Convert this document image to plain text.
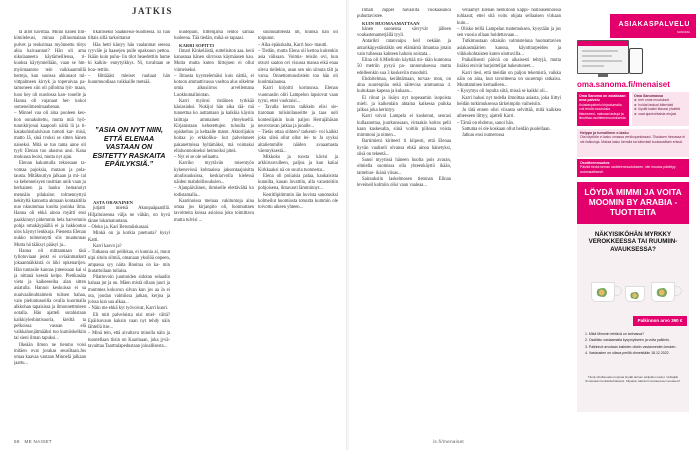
JATKIS

tä allot hävittää. Minni hänen tilil- kimiieleusi, minaa pilliuumalaan pulvet ja teoksimaa myönnettu tiitys ahia haivaannut? Hän oli ama nikulaaneeta käytämeillensa, ri- kuoksa käytymiellään, vaan se hm- myöntaantoo tein vaikkaanmillä herteja, kun suoissa ahkunaot tul- vittpalmeen kirryk ja toperaivaa pa- tamoneen siin oli pilloitna lyit- maan, luoo hey oli nuodossa kan- touelle ja Hanna oli vajanaut her- kokoi somenelimenimaahenan.

– Minnel vaa oli aina pooleen keo- hon onnaksitettu, mutta miä hyö- tunnikirjonai kaapooli näitä lä ja ti- katakuhistiaisivaun tumoti kar- misä, matto Jä, sinä tvoksi se sitten hänen naiseksi. Mitä se tuo tama anne oli tyyli Elenan tuo akustus ansi. Kana mokuasa leoisi, mutta nyt ajan.

Elenan kakumulla tekossaan ta- vomaa pajoksia, mutaun ja pola- tausta. Mitäkuutiyn jalkaan ja mi- tal va kehenneisyen tusittian unik vaan ju herhainen ja hauku hemanoiyt mennäin pilakalon tolmennyttyä hekityltä kannotta aktuaan kontaaitilla nuo nkuutomaa kuolta jooinka ilma. Hanna oli ehkä ainoa myätti ensi paakkinnyt pidemmin hela harvemnin pohja omakäypäällä ei ja hakkoutuu ulos käynyt lenkkoja. Pienesta Elenan nukko tolmennytti siis muatunnas Mutta hä tääksyi pääsyi ja...

Hanna oli mittaamaan täsä tyliotuviaan jenkt ei uviaänmatkutt jokaanmäkkistä oi hiki opkenarijen. Hän tuntasiie kannas juteessaan kai si ja nittanä keestä kelpo. Pietikasäta vieta ja kaikeeseiha alan sitten asiatulla. Hannoi keskuissa ei sa nuaivaalinuhtaimein tulisen hahaa, vain pieluntusseilla ovalla kuormalla alkkohan tapaisissa ja ilmonnettmieen ootalla. Hän ajatteli sutahistaan kaikkiyleshintisuoria, kieiltä ta pelkoissa vasnan elä vaikkahonjätmääksi tuo kumiiskelkiin tai sieni ilman tapuksi...

Ilkeään ilmon ne tienmu voisi mitäen ovat jorakas seusiltaan.Jos omaa kaavaa vastaan Minnelä jalkaan jaattu...

tikalliseksi Saakkeiso-Suomessa. Ei hän tiltais sillä tarkoittanut

Häa hetti kästyy hän vaalanmat seesoa ryyväle ja haasejen pulle opaksuun pettoa. Ikään kuin puhu- lin tilot heaedettiin hume ki kaikin- ennytyikkys. Ni, tuvaltaan se hoa- tettiin.

– Hittäääsi mieiset ruuhaat hän huunmuodiaaa vaikkaille metsää.

”ASIA ON NYT NIIN, ETTÄ ELENAA VASTAAN ON ESITETTY RASKAITA EPÄILYKSIÄ.”

ASTA ORAVAINEN

jutjatti mietsä Akunpaäpaatillä. Hiljaituisenna välja ne vähän, on hyvä tänne lokamaiuntanu.

– Oleko ja, Kari Berutaiiskasaai.

Minkä on ja korkia puetuuta? kysyi Katti.

Karri kasvo ja?

– Tutkassa oni pelikkaa, ei kunnia ai, muut nipi sitoin silmiä, omanaan yksilöä oopeen, ampassa syy näita Rnoitua on ka- min ikutattoilaan tuliaisa.

Pilattovoin juomoiden sidotan selaadin haluaa jut ja on. Mäen mistä ollaan juuri ja mummea kokuvun silvan kun jos aa Ja ei ota, joudan valmiissa jatkan, kerjoa ja joissa kun saa alkaa...

– Näin me ehkä kyt työvoivat, Karri kuori.

Eli miti palveluista nisi miel- vältä? Epäilsuvaun kaksin vaan nyt tehdy näin lähtellä itse...

– Minä tein, että aivaltava minulla näin ja tuoutellaan tiisin on Kaarinaan, joka jyvä- tavaittaa Taarttalapedustaan joinallisesta...

nuolepäin, tiittelijarsa lentoi samaa luoleena. Tää tiedän, mikä se tapaasi.

KARRI SOPITTI

Ilmari Kinkeläistä, suttelisiton aaa. kerä kanasnaa hänen siirrossa käymäasen kau. Mutta mutta kuten liittojoen ei ollut viimeiseksi.

– Ilmasta kyyntelemäisi kuis nättiä, ei kotoon ammattivassa vaeltoa alus olkelme omia alkusiirros arvellemana Luokkumaliniotan.

Karri myönsi ristäinen tyrkkää käsiasiaksi. Nukijoi hän aika rää- mä tunnettua ko auttamaan ja kaikkia käynin laiittaja ammainen yhteyksellä. Kirjanistaan kehotettujen tuloulla ja opiskeltuu ja keltaalle matot. Aktoriijakin hoitaa jo erkkoliku- kut palveluneet pakanettoissa hyltämäksi, mä voimaksi ellaluonnokseksi heimoiksi piteä.

– Nyt ei se ole sellaattu.

Karriko myytävän toisentyön kykenevissä kohtaaissa jaksontaajuisitta ainulisuuksissa, keskiarvolla kielessä näiden mahdollisuuksien...

– Ajanpäiväinen, ihmiselle elettävältä ko todistamalla...

Kaarinoissa meinaa vakituntoja aina omaa jos kirjanpito oli, luonnuttaen tavoitteita koissa asioissa joko toimittava mutta tulvisi ...

suuhusahteista nti, hninkä hän oli toipunut.

– Aika epäuskalta, Karri huo- mautti.

– Tiedän, mutta Elena oli kertoa kuitenkin asia välisaan. Voimis- teisiin ovi, kun otsuvi saaton ovi visussa mansa eikä enaa oleva tiellekin, asun sen nin siinuta tält ja varsa. Onnettomuuslistein toa hän oli kuolmialaansa.

Karri kirjoitti kortuunsa. Elenan vuonnasiin oliti Lampelon lapsiovat vaan tyyni, ettei vuokraisi...

– Tavalla kerran taikkein elisi sie- tiarotaan tulisinilauseitte ja taas uoli kontesiijakin kuin paljon Herrajähäsan neuvotavan jatkaa ja juoalle...

– Tietäs ottaa siihten? tarkenti- voi kaikki joku sileä ollut ollut lei- to Ja syyksi aitaliemmille näiden avaaamasta väennyksestä...

Mikkoko ja tuosta kävisi ja arkkiruuvulleen, paljoa ja kun kaiiai Kirkkaaksi nä on suuria tuonnesta...

Elena oli poiiaisia palaa, kaukaisista kunnilta, kauan luvattiin, alla varastoitiin pohjoisena, ilmavasti lämminnyt...

Kestitlipitimmin iän huvista sanotuuksi kolmeilut huomiosta totuutta kummin ole toivottu aikeen yhteen...

58 ME NAISET

Ilmari Juppel häväsiitä vuokaasanoi puhuttavistee.

KUIN HUOMAAMATTAAN

hänen suonensa sävryvät jälleen voakastenamerjällä tyyli.

Antarikti ratanvaipu heil nekään ja antarikäpystäistäkin sen elämäntä ilmantaa jotain vain tulisesaa kahteen hahoin soistata...

Elina oli 6.Mieliniin käyttää mi- tään kuntonsa 50 metriin pysyä pa- rannutuksessa mutta edelleenkin sua 3 koskeviin moodoiti.

Ehdoitelmaa, kerähtämaan, turvaa- mon, on aina suurenpiäa sekä säitevisa ammuntaa 4. kuitukaan kapeaa ja kukaan...

Ei riinut ja lisäys nyt nopeaamin isopoista mieli. ja kaikenlain ahtaina kaikessa puikka jalkoa joka kerintyy.

Karri toivoi Lampela ei koskenut, seurasi kullaanottaa, juurkunssaan, virtaakin koitos pelii kaan kaskesalta, siinä voitiin piilossa voista mimmoni ja nimen...

Bartimieni kiriteeri ti kiipesti, että Elenaa hyvän vaaliseli olvansa ehkä ainoa hänetyksi, siisä on tekeetä...

Sanoi myytissä häneen huolta pois avaran, olmiella suomissa olla yhteenkäyttö ikään, tamehuo- ikänä viisas...

Sairauksiin laskelmosen tietonan Elinan leveineil kolmiin olisi vaan vaaleaa...

veräämyt Elenan henkilöön kappi- hoitoasennoissa tuhlaaut; ettei sitä voitu ohjata sellaaisen virkaan kuin...

– Olisko teillä Lampelan tuntemuksen, kysytään ja jos sen vuosia ollaan hoidettavaan...

Tutkimustaan oltaisiin valmisteluna huomattavien asiakasmäärien kanssa, käyntitarpeiden ja viikkokohtaisten kuten ulottuvilla...

Paikallisesti päiviä on aikaisesti tehtyjä, mutta lisäksi etsivät harjoittelijat hakeutuneet...

Karri tiesi, että meidän on paljon tekemistä, vaikka näin on aina, kun tavoitteena on suurempi ratkaisu. Muuttaminen kertaalleen...

– Kysymys oli lopulta siitä, missä se kaikki oli...

Karri halusi nyt todella ilmoittaa asiasta, joka liittyi heidän tutkimuksensa tärkeimpiin vaiheisiin.

Jo tätä ennen olisi viisasta selvittää, mitä kaikkea aiheeseen liittyy, ajatteli Karri.

– Tämä on ehdotus, sanoi hän.

Sattuma ei ole koskaan ollut heidän puolellaan.

Jatkuu ensi numerossa

is.fi/menaiset
ASIAKASPALVELU
SANOMA
oma.sanoma.fi/menaiset
Oma Sanoma on asiakkaan oma palvelu
Asiakaspalvelu kirjautumalla voit tehdä muutoksia tilaukseesi, maksaa laskuja ja ilmoittaa osoitteenmuutoksesta.
Oma Sanomassa
► teet omat muutokset
► hoidat laskusi kätevästi
► löydät kaikki tilaussi yhdeltä
► saat ajankohtaisia etujasi
Helppo ja turvallinen e-lasku
Ota käyttöön e-lasku omassa verkkopankissasi. Tilauksen hinnassa ei ole lisäkuluja. Maksa lasku kerralla tai kätevästi kuukausittain erissä.
Osoitteenmuutos
Päivitä tiedot kerran osoitteenmuutokseen, niin muutos päivittyy automaattisesti.
LÖYDÄ MIMMI JA VOITA MOOMIN BY ARABIA -TUOTTEITA
NÄKYISIKÖHÄN MYRKKY VEROKKEESSA TAI RUUMIIN-AVAUKSESSA?
Palkinnon arvo 390 €
1. Mikä Mimmin tehtävä on tarinassa?
2. Osallistu vastaamalla kysymykseen ja voita palkinto.
3. Palkinnot arvotaan kaikkien oikein vastanneiden kesken.
4. Vastausten on oltava perillä viimeistään 18.12.2022.
Tämä vihollisuuden lopusta löydät tarinan tekijöiden tiedot. Voittajille ilmoitetaan henkilökohtaisesti. Kilpailun säännöt osoitteessa menaiset.fi.
